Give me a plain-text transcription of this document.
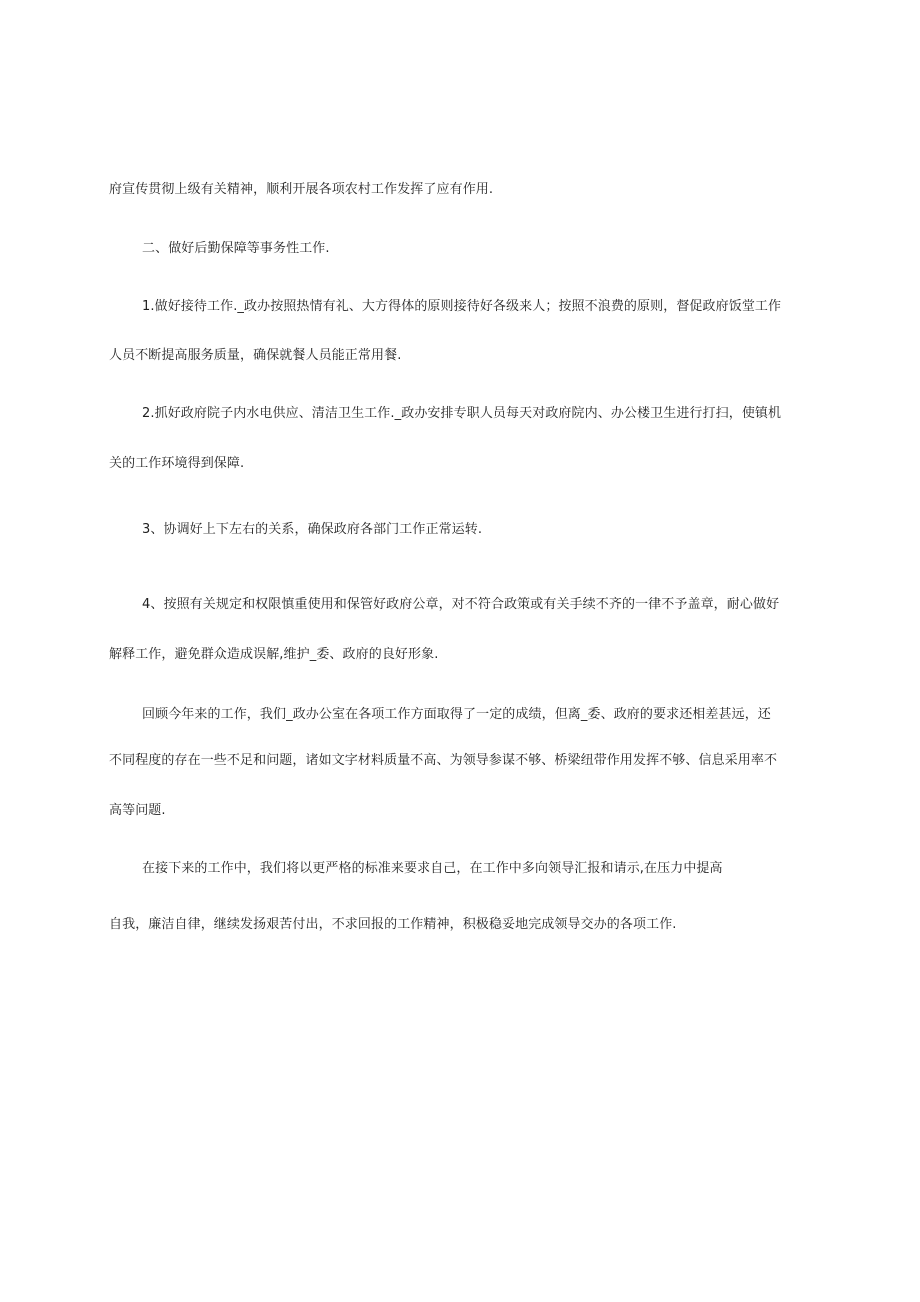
府宣传贯彻上级有关精神，顺利开展各项农村工作发挥了应有作用.
二、做好后勤保障等事务性工作.
1.做好接待工作._政办按照热情有礼、大方得体的原则接待好各级来人；按照不浪费的原则，督促政府饭堂工作
人员不断提高服务质量，确保就餐人员能正常用餐.
2.抓好政府院子内水电供应、清洁卫生工作._政办安排专职人员每天对政府院内、办公楼卫生进行打扫，使镇机
关的工作环境得到保障.
3、协调好上下左右的关系，确保政府各部门工作正常运转.
4、按照有关规定和权限慎重使用和保管好政府公章，对不符合政策或有关手续不齐的一律不予盖章，耐心做好
解释工作，避免群众造成误解,维护_委、政府的良好形象.
回顾今年来的工作，我们_政办公室在各项工作方面取得了一定的成绩，但离_委、政府的要求还相差甚远，还
不同程度的存在一些不足和问题，诸如文字材料质量不高、为领导参谋不够、桥梁纽带作用发挥不够、信息采用率不
高等问题.
在接下来的工作中，我们将以更严格的标准来要求自己，在工作中多向领导汇报和请示,在压力中提高
自我，廉洁自律，继续发扬艰苦付出，不求回报的工作精神，积极稳妥地完成领导交办的各项工作.
